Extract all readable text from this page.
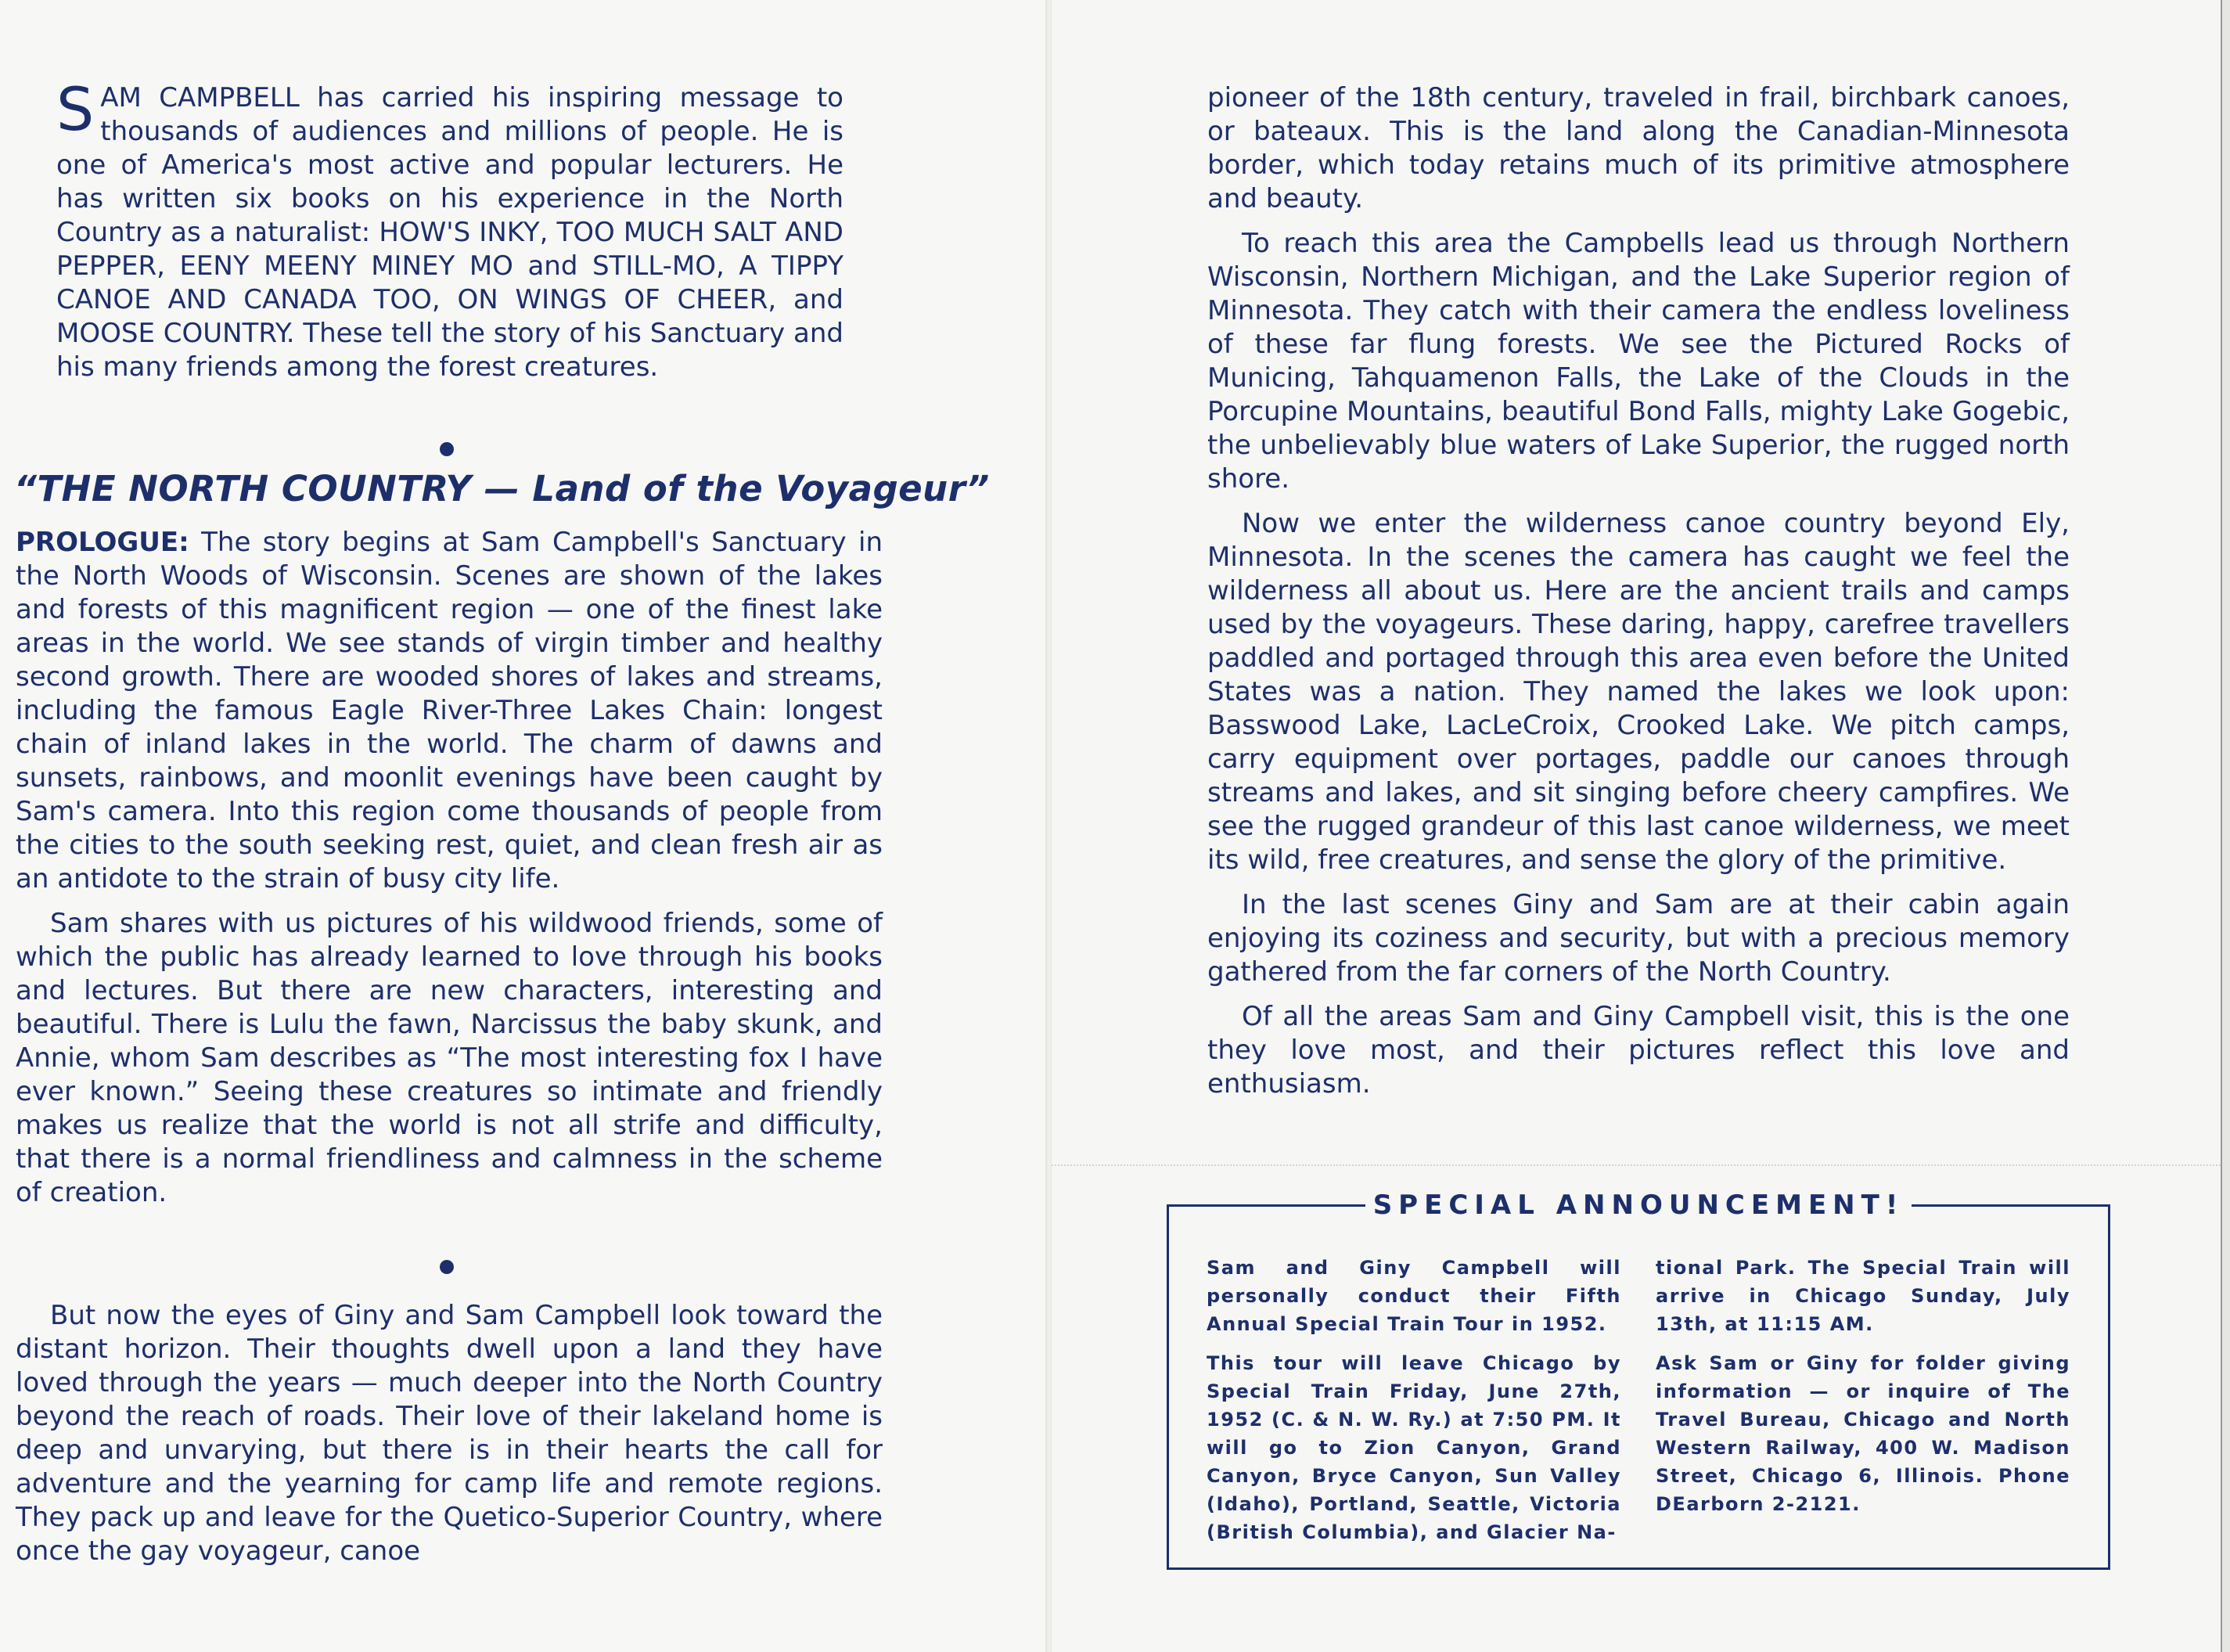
SAM CAMPBELL has carried his inspiring message to thousands of audiences and millions of people. He is one of America's most active and popular lecturers. He has written six books on his experience in the North Country as a naturalist: HOW'S INKY, TOO MUCH SALT AND PEPPER, EENY MEENY MINEY MO and STILL-MO, A TIPPY CANOE AND CANADA TOO, ON WINGS OF CHEER, and MOOSE COUNTRY. These tell the story of his Sanctuary and his many friends among the forest creatures.
“THE NORTH COUNTRY — Land of the Voyageur”

PROLOGUE: The story begins at Sam Campbell's Sanctuary in the North Woods of Wisconsin. Scenes are shown of the lakes and forests of this magnificent region — one of the finest lake areas in the world. We see stands of virgin timber and healthy second growth. There are wooded shores of lakes and streams, including the famous Eagle River-Three Lakes Chain: longest chain of inland lakes in the world. The charm of dawns and sunsets, rainbows, and moonlit evenings have been caught by Sam's camera. Into this region come thousands of people from the cities to the south seeking rest, quiet, and clean fresh air as an antidote to the strain of busy city life.

Sam shares with us pictures of his wildwood friends, some of which the public has already learned to love through his books and lectures. But there are new characters, interesting and beautiful. There is Lulu the fawn, Narcissus the baby skunk, and Annie, whom Sam describes as “The most interesting fox I have ever known.” Seeing these creatures so intimate and friendly makes us realize that the world is not all strife and difficulty, that there is a normal friendliness and calmness in the scheme of creation.

But now the eyes of Giny and Sam Campbell look toward the distant horizon. Their thoughts dwell upon a land they have loved through the years — much deeper into the North Country beyond the reach of roads. Their love of their lakeland home is deep and unvarying, but there is in their hearts the call for adventure and the yearning for camp life and remote regions. They pack up and leave for the Quetico-Superior Country, where once the gay voyageur, canoe

pioneer of the 18th century, traveled in frail, birchbark canoes, or bateaux. This is the land along the Canadian-Minnesota border, which today retains much of its primitive atmosphere and beauty.

To reach this area the Campbells lead us through Northern Wisconsin, Northern Michigan, and the Lake Superior region of Minnesota. They catch with their camera the endless loveliness of these far flung forests. We see the Pictured Rocks of Municing, Tahquamenon Falls, the Lake of the Clouds in the Porcupine Mountains, beautiful Bond Falls, mighty Lake Gogebic, the unbelievably blue waters of Lake Superior, the rugged north shore.

Now we enter the wilderness canoe country beyond Ely, Minnesota. In the scenes the camera has caught we feel the wilderness all about us. Here are the ancient trails and camps used by the voyageurs. These daring, happy, carefree travellers paddled and portaged through this area even before the United States was a nation. They named the lakes we look upon: Basswood Lake, LacLeCroix, Crooked Lake. We pitch camps, carry equipment over portages, paddle our canoes through streams and lakes, and sit singing before cheery campfires. We see the rugged grandeur of this last canoe wilderness, we meet its wild, free creatures, and sense the glory of the primitive.

In the last scenes Giny and Sam are at their cabin again enjoying its coziness and security, but with a precious memory gathered from the far corners of the North Country.

Of all the areas Sam and Giny Campbell visit, this is the one they love most, and their pictures reflect this love and enthusiasm.

SPECIAL ANNOUNCEMENT!

Sam and Giny Campbell will personally conduct their Fifth Annual Special Train Tour in 1952.

This tour will leave Chicago by Special Train Friday, June 27th, 1952 (C. & N. W. Ry.) at 7:50 PM. It will go to Zion Canyon, Grand Canyon, Bryce Canyon, Sun Valley (Idaho), Portland, Seattle, Victoria (British Columbia), and Glacier Na-

tional Park. The Special Train will arrive in Chicago Sunday, July 13th, at 11:15 AM.

Ask Sam or Giny for folder giving information — or inquire of The Travel Bureau, Chicago and North Western Railway, 400 W. Madison Street, Chicago 6, Illinois. Phone DEarborn 2-2121.
